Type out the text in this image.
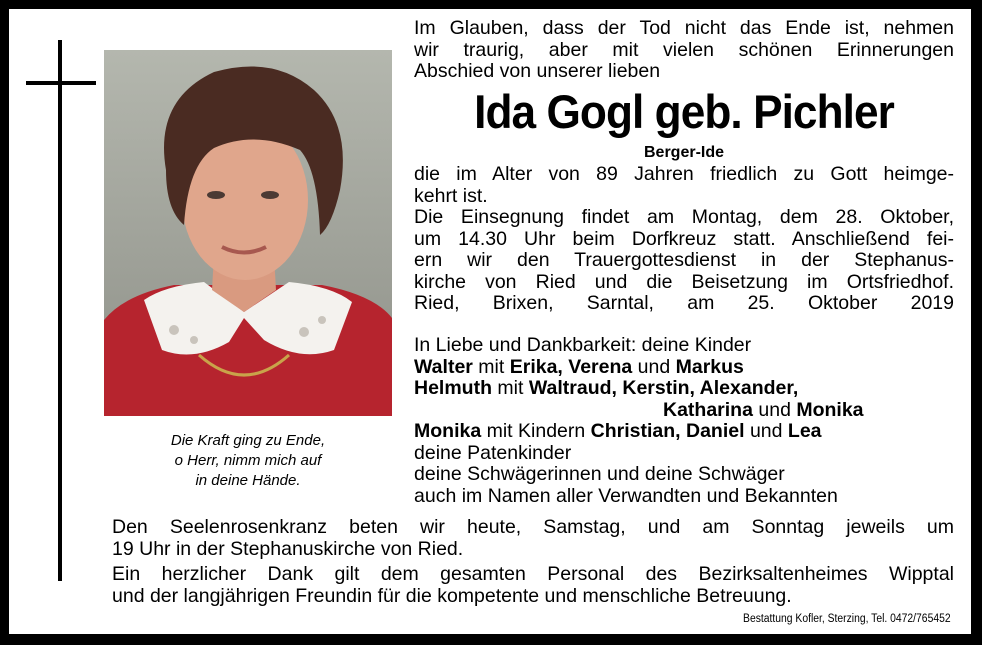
Die Kraft ging zu Ende,
o Herr, nimm mich auf
in deine Hände.
Im Glauben, dass der Tod nicht das Ende ist, nehmen
wir traurig, aber mit vielen schönen Erinnerungen
Abschied von unserer lieben
Ida Gogl geb. Pichler
Berger-Ide
die im Alter von 89 Jahren friedlich zu Gott heimge-
kehrt ist.
Die Einsegnung findet am Montag, dem 28. Oktober,
um 14.30 Uhr beim Dorfkreuz statt. Anschließend fei-
ern wir den Trauergottesdienst in der Stephanus-
kirche von Ried und die Beisetzung im Ortsfriedhof.
Ried, Brixen, Sarntal, am 25. Oktober 2019
In Liebe und Dankbarkeit: deine Kinder
Walter mit Erika, Verena und Markus
Helmuth mit Waltraud, Kerstin, Alexander,
Katharina und Monika
Monika mit Kindern Christian, Daniel und Lea
deine Patenkinder
deine Schwägerinnen und deine Schwäger
auch im Namen aller Verwandten und Bekannten
Den Seelenrosenkranz beten wir heute, Samstag, und am Sonntag jeweils um
19 Uhr in der Stephanuskirche von Ried.
Ein herzlicher Dank gilt dem gesamten Personal des Bezirksaltenheimes Wipptal
und der langjährigen Freundin für die kompetente und menschliche Betreuung.
Bestattung Kofler, Sterzing, Tel. 0472/765452
